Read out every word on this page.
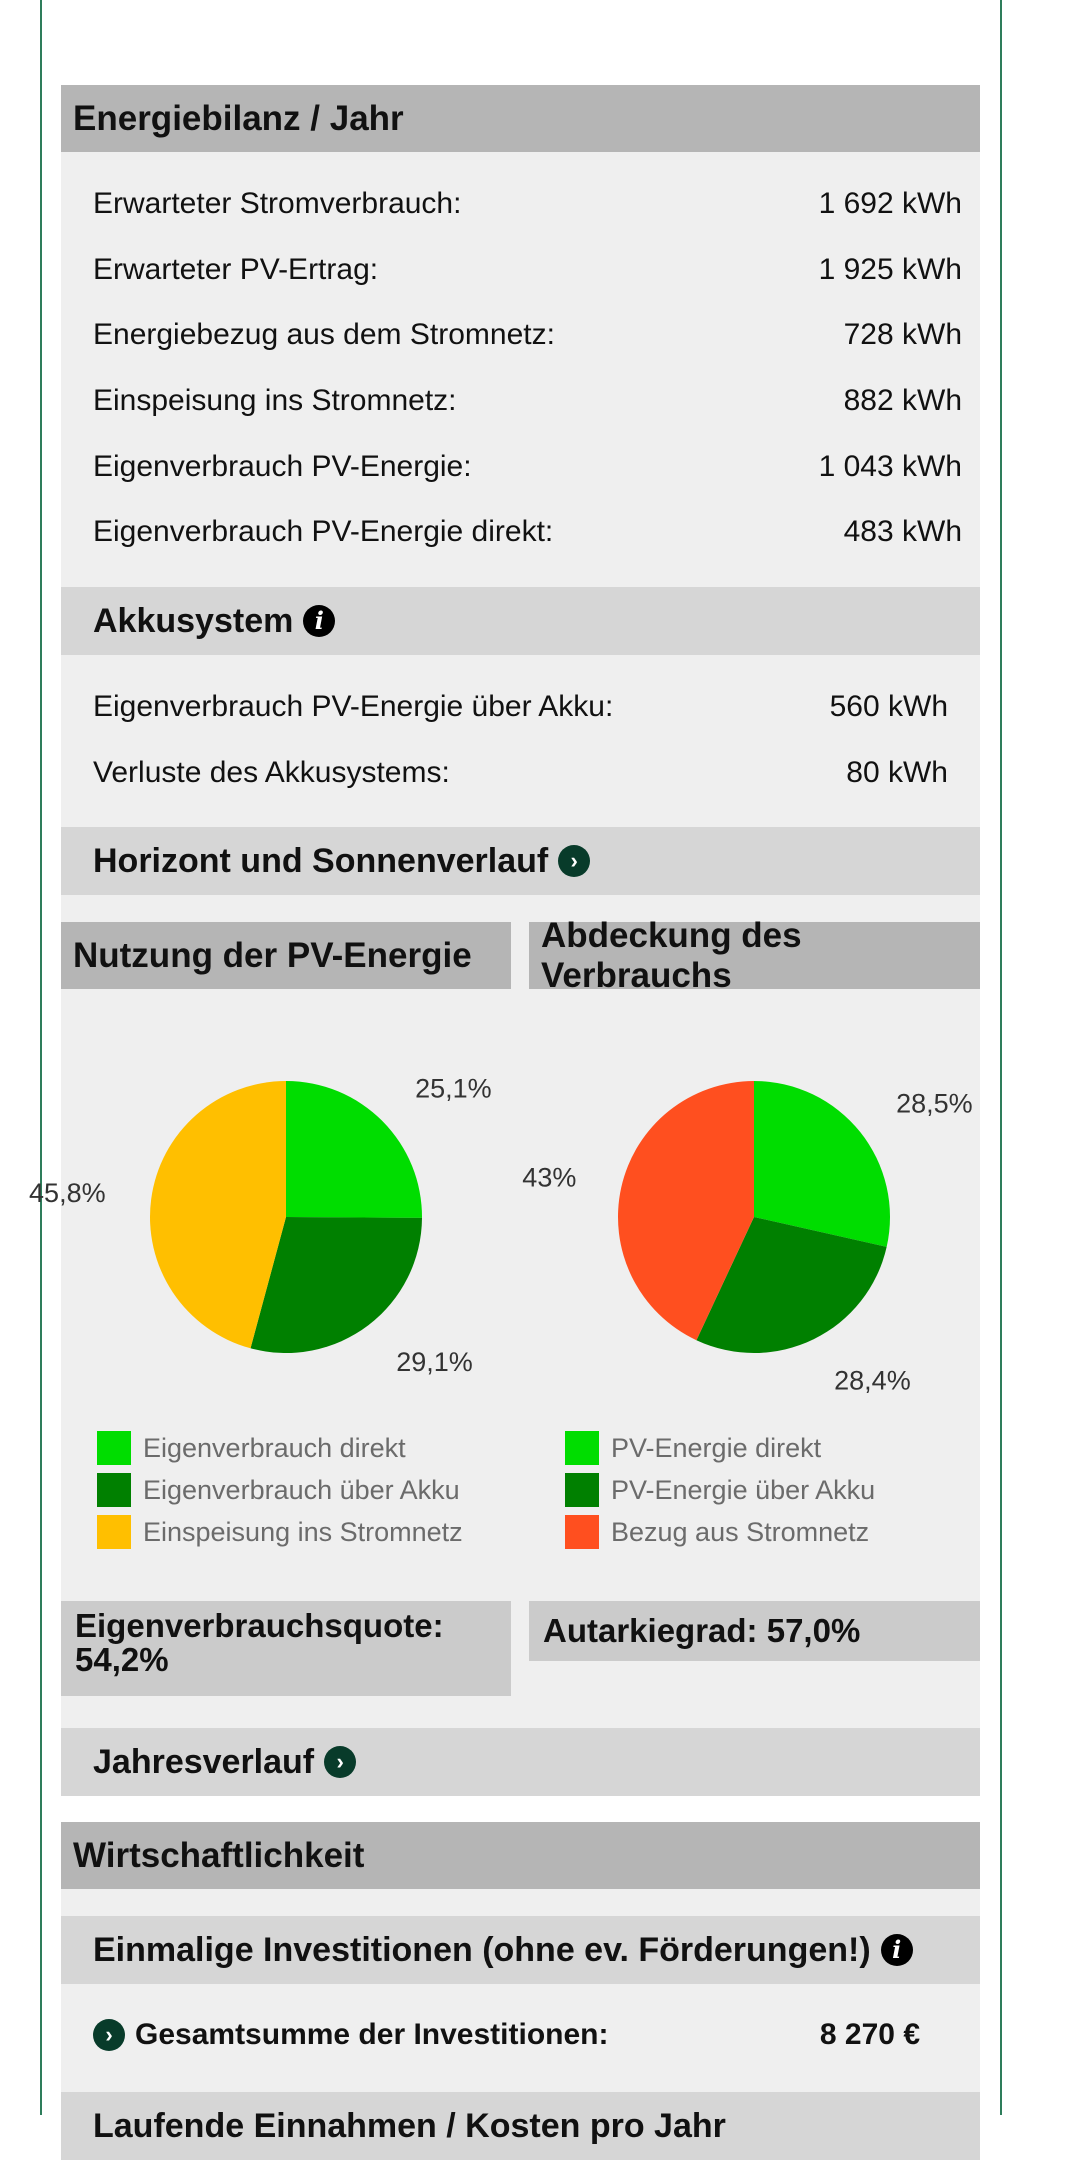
Energiebilanz / Jahr
Erwarteter Stromverbrauch:	1 692 kWh
Erwarteter PV-Ertrag:	1 925 kWh
Energiebezug aus dem Stromnetz:	728 kWh
Einspeisung ins Stromnetz:	882 kWh
Eigenverbrauch PV-Energie:	1 043 kWh
Eigenverbrauch PV-Energie direkt:	483 kWh
Akkusystem i
Eigenverbrauch PV-Energie über Akku:	560 kWh
Verluste des Akkusystems:	80 kWh
Horizont und Sonnenverlauf	›
Nutzung der PV-Energie
Abdeckung des Verbrauchs
25,1%
29,1%
45,8%
28,5%
28,4%
43%
Eigenverbrauch direkt
Eigenverbrauch über Akku
Einspeisung ins Stromnetz
PV-Energie direkt
PV-Energie über Akku
Bezug aus Stromnetz
Eigenverbrauchsquote: 54,2%
Autarkiegrad: 57,0%
Jahresverlauf	›
Wirtschaftlichkeit
Einmalige Investitionen (ohne ev. Förderungen!) i
› Gesamtsumme der Investitionen:	8 270 €
Laufende Einnahmen / Kosten pro Jahr
